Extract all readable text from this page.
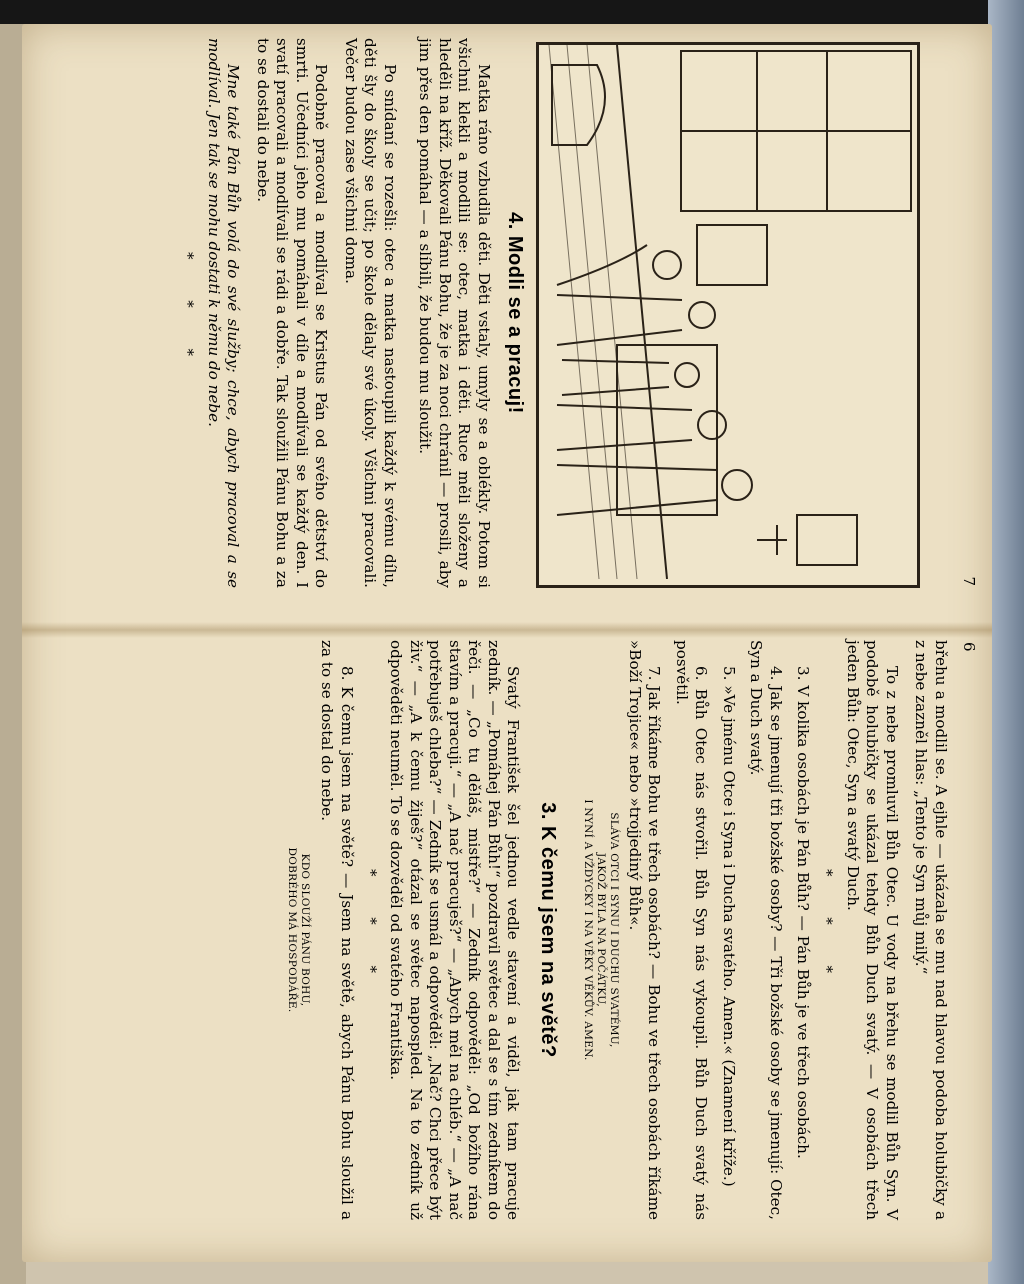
7
4. Modli se a pracuj!

Matka ráno vzbudila děti. Děti vstaly, umyly se a oblékly. Potom si všichni klekli a modlili se: otec, matka i děti. Ruce měli složeny a hleděli na kříž. Děkovali Pánu Bohu, že je za noci chránil — prosili, aby jim přes den pomáhal — a slíbili, že budou mu sloužit.

Po snídaní se rozešli: otec a matka nastoupili každý k svému dílu, děti šly do školy se učit; po škole dělaly své úkoly. Všichni pracovali. Večer budou zase všichni doma.

Podobně pracoval a modlíval se Kristus Pán od svého dětství do smrti. Učedníci jeho mu pomáhali v díle a modlívali se každý den. I svatí pracovali a modlívali se rádi a dobře. Tak sloužili Pánu Bohu a za to se dostali do nebe.

Mne také Pán Bůh volá do své služby; chce, abych pracoval a se modlíval. Jen tak se mohu dostati k němu do nebe.

* * *
6

břehu a modlil se. A ejhle — ukázala se mu nad hlavou podoba holubičky a z nebe zazněl hlas: „Tento je Syn můj milý.“

To z nebe promluvil Bůh Otec. U vody na břehu se modlil Bůh Syn. V podobě holubičky se ukázal tehdy Bůh Duch svatý. — V osobách třech jeden Bůh: Otec, Syn a svatý Duch.

* * *

3. V kolika osobách je Pán Bůh? — Pán Bůh je ve třech osobách.

4. Jak se jmenují tři božské osoby? — Tři božské osoby se jmenují: Otec, Syn a Duch svatý.

5. »Ve jménu Otce i Syna i Ducha svatého. Amen.« (Znamení kříže.)

6. Bůh Otec nás stvořil. Bůh Syn nás vykoupil. Bůh Duch svatý nás posvětil.

7. Jak říkáme Bohu ve třech osobách? — Bohu ve třech osobách říkáme »Boží Trojice« nebo »trojjediný Bůh«.

SLÁVA OTCI I SYNU I DUCHU SVATÉMU,
JAKOŽ BYLA NA POČÁTKU,
I NYNÍ A VŽDYCKY I NA VĚKY VĚKŮV. AMEN.
3. K čemu jsem na světě?

Svatý František šel jednou vedle stavení a viděl, jak tam pracuje zedník. — „Pomáhej Pán Bůh!“ pozdravil světec a dal se s tím zedníkem do řeči. — „Co tu děláš, mistře?“ — Zedník odpověděl: „Od božího rána stavím a pracuji.“ — „A nač pracuješ?“ — „Abych měl na chléb.“ — „A nač potřebuješ chleba?“ — Zedník se usmál a odpověděl: „Nač? Chci přece být živ.“ — „A k čemu žiješ?“ otázal se světec napospled. Na to zedník už odpověděti neuměl. To se dozvěděl od svatého Františka.

* * *

8. K čemu jsem na světě? — Jsem na světě, abych Pánu Bohu sloužil a za to se dostal do nebe.

KDO SLOUŽÍ PÁNU BOHU,
DOBRÉHO MÁ HOSPODÁŘE.
